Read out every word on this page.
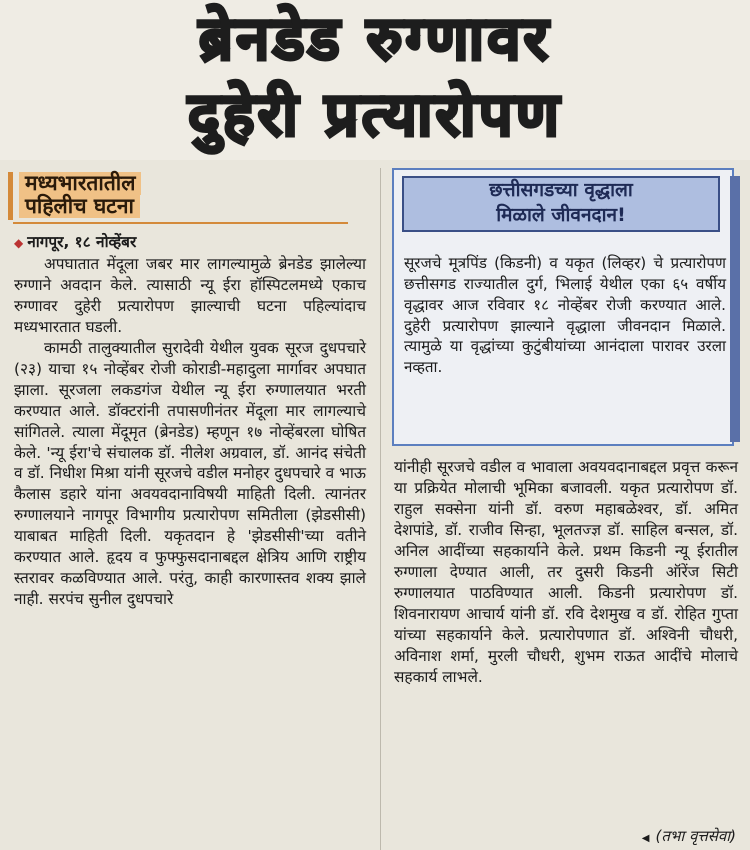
ब्रेनडेड रुग्णावर
दुहेरी प्रत्यारोपण
मध्यभारतातील
पहिलीच घटना

◆ नागपूर, १८ नोव्हेंबर

अपघातात मेंदूला जबर मार लागल्यामुळे ब्रेनडेड झालेल्या रुग्णाने अवदान केले. त्यासाठी न्यू ईरा हॉस्पिटलमध्ये एकाच रुग्णावर दुहेरी प्रत्यारोपण झाल्याची घटना पहिल्यांदाच मध्यभारतात घडली.

कामठी तालुक्यातील सुरादेवी येथील युवक सूरज दुधपचारे (२३) याचा १५ नोव्हेंबर रोजी कोराडी-महादुला मार्गावर अपघात झाला. सूरजला लकडगंज येथील न्यू ईरा रुग्णालयात भरती करण्यात आले. डॉक्टरांनी तपासणीनंतर मेंदूला मार लागल्याचे सांगितले. त्याला मेंदूमृत (ब्रेनडेड) म्हणून १७ नोव्हेंबरला घोषित केले. 'न्यू ईरा'चे संचालक डॉ. नीलेश अग्रवाल, डॉ. आनंद संचेती व डॉ. निधीश मिश्रा यांनी सूरजचे वडील मनोहर दुधपचारे व भाऊ कैलास डहारे यांना अवयवदानाविषयी माहिती दिली. त्यानंतर रुग्णालयाने नागपूर विभागीय प्रत्यारोपण समितीला (झेडसीसी) याबाबत माहिती दिली. यकृतदान हे 'झेडसीसी'च्या वतीने करण्यात आले. हृदय व फुफ्फुसदानाबद्दल क्षेत्रिय आणि राष्ट्रीय स्तरावर कळविण्यात आले. परंतु, काही कारणास्तव शक्य झाले नाही. सरपंच सुनील दुधपचारे

छत्तीसगडच्या वृद्धाला
मिळाले जीवनदान!

सूरजचे मूत्रपिंड (किडनी) व यकृत (लिव्हर) चे प्रत्यारोपण छत्तीसगड राज्यातील दुर्ग, भिलाई येथील एका ६५ वर्षीय वृद्धावर आज रविवार १८ नोव्हेंबर रोजी करण्यात आले. दुहेरी प्रत्यारोपण झाल्याने वृद्धाला जीवनदान मिळाले. त्यामुळे या वृद्धांच्या कुटुंबीयांच्या आनंदाला पारावर उरला नव्हता.

यांनीही सूरजचे वडील व भावाला अवयवदानाबद्दल प्रवृत्त करून या प्रक्रियेत मोलाची भूमिका बजावली. यकृत प्रत्यारोपण डॉ. राहुल सक्सेना यांनी डॉ. वरुण महाबळेश्वर, डॉ. अमित देशपांडे, डॉ. राजीव सिन्हा, भूलतज्ज्ञ डॉ. साहिल बन्सल, डॉ. अनिल आदींच्या सहकार्याने केले. प्रथम किडनी न्यू ईरातील रुग्णाला देण्यात आली, तर दुसरी किडनी ऑरेंज सिटी रुग्णालयात पाठविण्यात आली. किडनी प्रत्यारोपण डॉ. शिवनारायण आचार्य यांनी डॉ. रवि देशमुख व डॉ. रोहित गुप्ता यांच्या सहकार्याने केले. प्रत्यारोपणात डॉ. अश्विनी चौधरी, अविनाश शर्मा, मुरली चौधरी, शुभम राऊत आदींचे मोलाचे सहकार्य लाभले.

◀ (तभा वृत्तसेवा)
